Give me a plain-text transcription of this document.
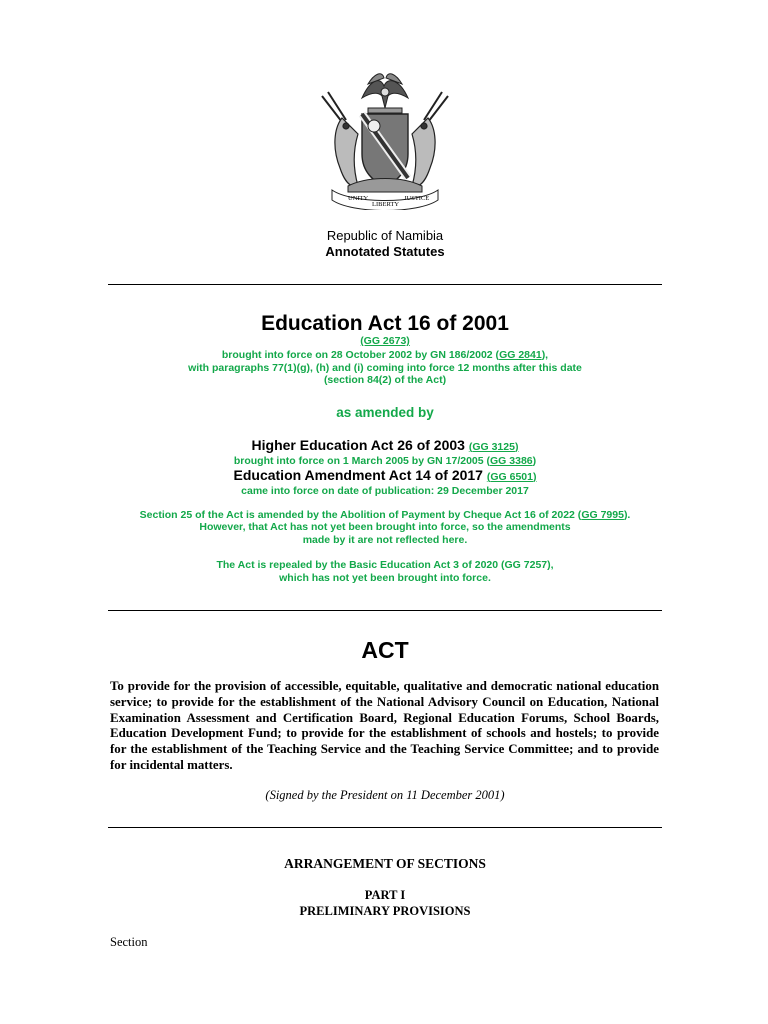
UNITY
LIBERTY
JUSTICE
Republic of Namibia
Annotated Statutes
Education Act 16 of 2001
(GG 2673)
brought into force on 28 October 2002 by GN 186/2002 (GG 2841),
with paragraphs 77(1)(g), (h) and (i) coming into force 12 months after this date
(section 84(2) of the Act)
as amended by
Higher Education Act 26 of 2003 (GG 3125)
brought into force on 1 March 2005 by GN 17/2005 (GG 3386)
Education Amendment Act 14 of 2017 (GG 6501)
came into force on date of publication: 29 December 2017
Section 25 of the Act is amended by the Abolition of Payment by Cheque Act 16 of 2022 (GG 7995).
However, that Act has not yet been brought into force, so the amendments
made by it are not reflected here.
The Act is repealed by the Basic Education Act 3 of 2020 (GG 7257),
which has not yet been brought into force.
ACT
To provide for the provision of accessible, equitable, qualitative and democratic national education service; to provide for the establishment of the National Advisory Council on Education, National Examination Assessment and Certification Board, Regional Education Forums, School Boards, Education Development Fund; to provide for the establishment of schools and hostels; to provide for the establishment of the Teaching Service and the Teaching Service Committee; and to provide for incidental matters.
(Signed by the President on 11 December 2001)
ARRANGEMENT OF SECTIONS
PART I
PRELIMINARY PROVISIONS
Section
